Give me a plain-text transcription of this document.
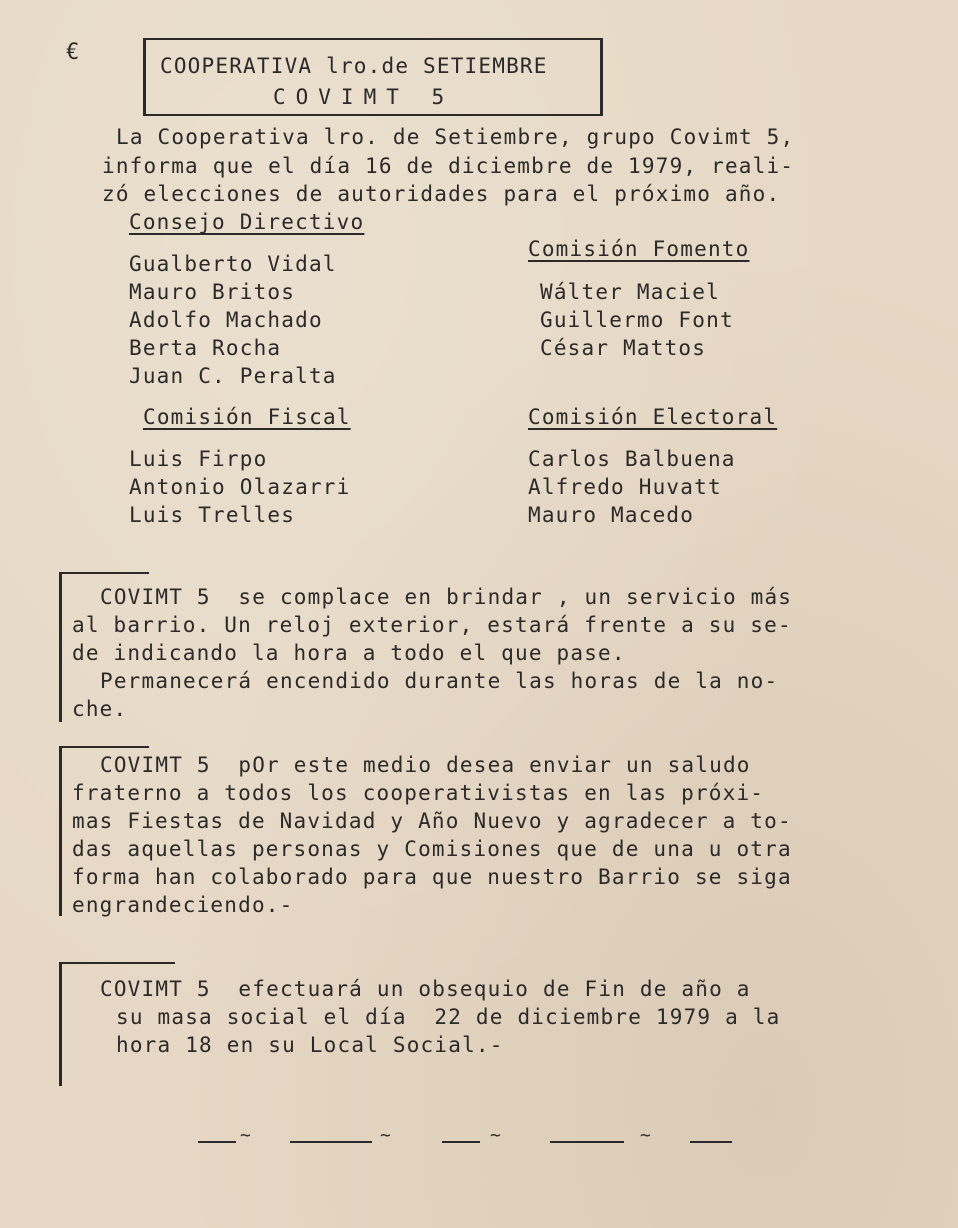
€
COOPERATIVA lro.de SETIEMBRE
COVIMT 5
La Cooperativa lro. de Setiembre, grupo Covimt 5,
informa que el día 16 de diciembre de 1979, reali-
zó elecciones de autoridades para el próximo año.
Consejo Directivo
Gualberto Vidal
Mauro Britos
Adolfo Machado
Berta Rocha
Juan C. Peralta
Comisión Fomento
Wálter Maciel
Guillermo Font
César Mattos
Comisión Fiscal
Luis Firpo
Antonio Olazarri
Luis Trelles
Comisión Electoral
Carlos Balbuena
Alfredo Huvatt
Mauro Macedo
COVIMT 5  se complace en brindar , un servicio más
al barrio. Un reloj exterior, estará frente a su se-
de indicando la hora a todo el que pase.
Permanecerá encendido durante las horas de la no-
che.
COVIMT 5  pOr este medio desea enviar un saludo
fraterno a todos los cooperativistas en las próxi-
mas Fiestas de Navidad y Año Nuevo y agradecer a to-
das aquellas personas y Comisiones que de una u otra
forma han colaborado para que nuestro Barrio se siga
engrandeciendo.-
COVIMT 5  efectuará un obsequio de Fin de año a
su masa social el día  22 de diciembre 1979 a la
hora 18 en su Local Social.-
~	~	~	~
